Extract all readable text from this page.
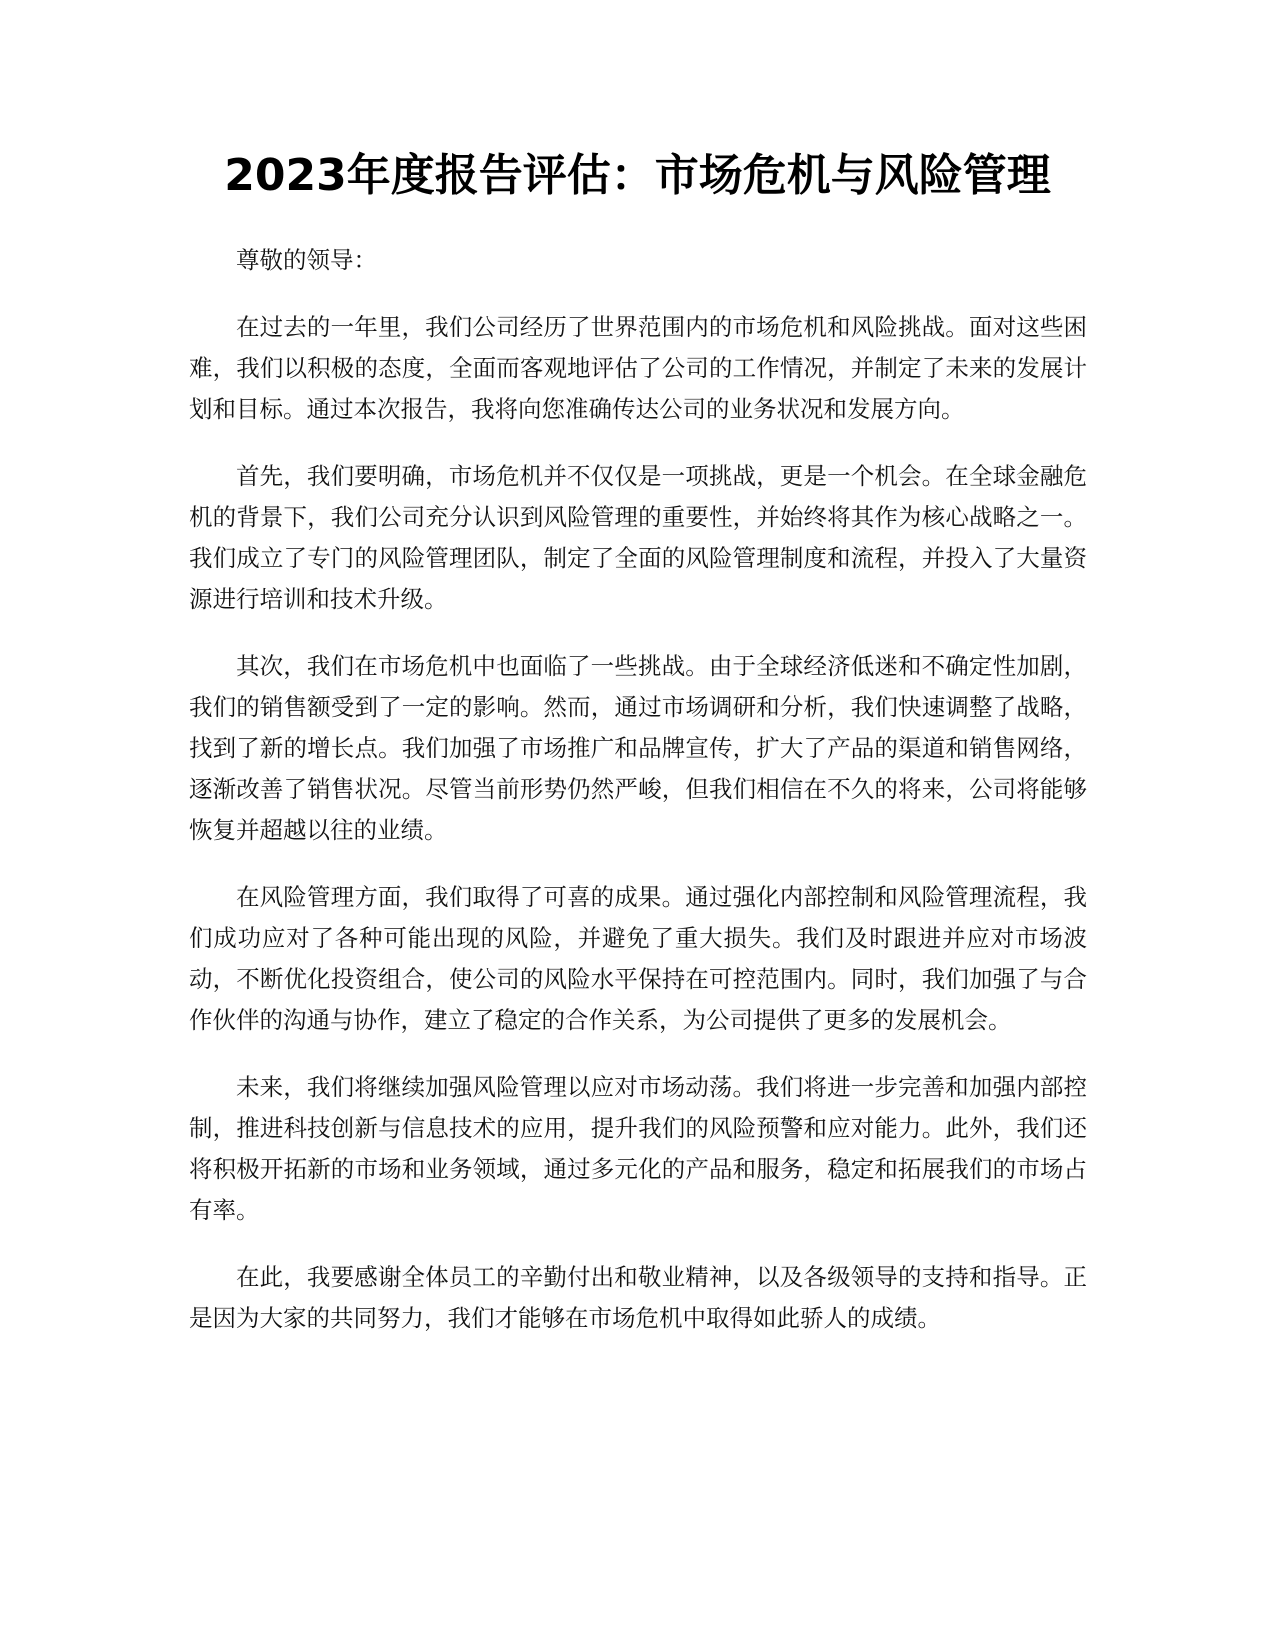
2023年度报告评估：市场危机与风险管理

尊敬的领导：

在过去的一年里，我们公司经历了世界范围内的市场危机和风险挑战。面对这些困难，我们以积极的态度，全面而客观地评估了公司的工作情况，并制定了未来的发展计划和目标。通过本次报告，我将向您准确传达公司的业务状况和发展方向。

首先，我们要明确，市场危机并不仅仅是一项挑战，更是一个机会。在全球金融危机的背景下，我们公司充分认识到风险管理的重要性，并始终将其作为核心战略之一。我们成立了专门的风险管理团队，制定了全面的风险管理制度和流程，并投入了大量资源进行培训和技术升级。

其次，我们在市场危机中也面临了一些挑战。由于全球经济低迷和不确定性加剧，我们的销售额受到了一定的影响。然而，通过市场调研和分析，我们快速调整了战略，找到了新的增长点。我们加强了市场推广和品牌宣传，扩大了产品的渠道和销售网络，逐渐改善了销售状况。尽管当前形势仍然严峻，但我们相信在不久的将来，公司将能够恢复并超越以往的业绩。

在风险管理方面，我们取得了可喜的成果。通过强化内部控制和风险管理流程，我们成功应对了各种可能出现的风险，并避免了重大损失。我们及时跟进并应对市场波动，不断优化投资组合，使公司的风险水平保持在可控范围内。同时，我们加强了与合作伙伴的沟通与协作，建立了稳定的合作关系，为公司提供了更多的发展机会。

未来，我们将继续加强风险管理以应对市场动荡。我们将进一步完善和加强内部控制，推进科技创新与信息技术的应用，提升我们的风险预警和应对能力。此外，我们还将积极开拓新的市场和业务领域，通过多元化的产品和服务，稳定和拓展我们的市场占有率。

在此，我要感谢全体员工的辛勤付出和敬业精神，以及各级领导的支持和指导。正是因为大家的共同努力，我们才能够在市场危机中取得如此骄人的成绩。
